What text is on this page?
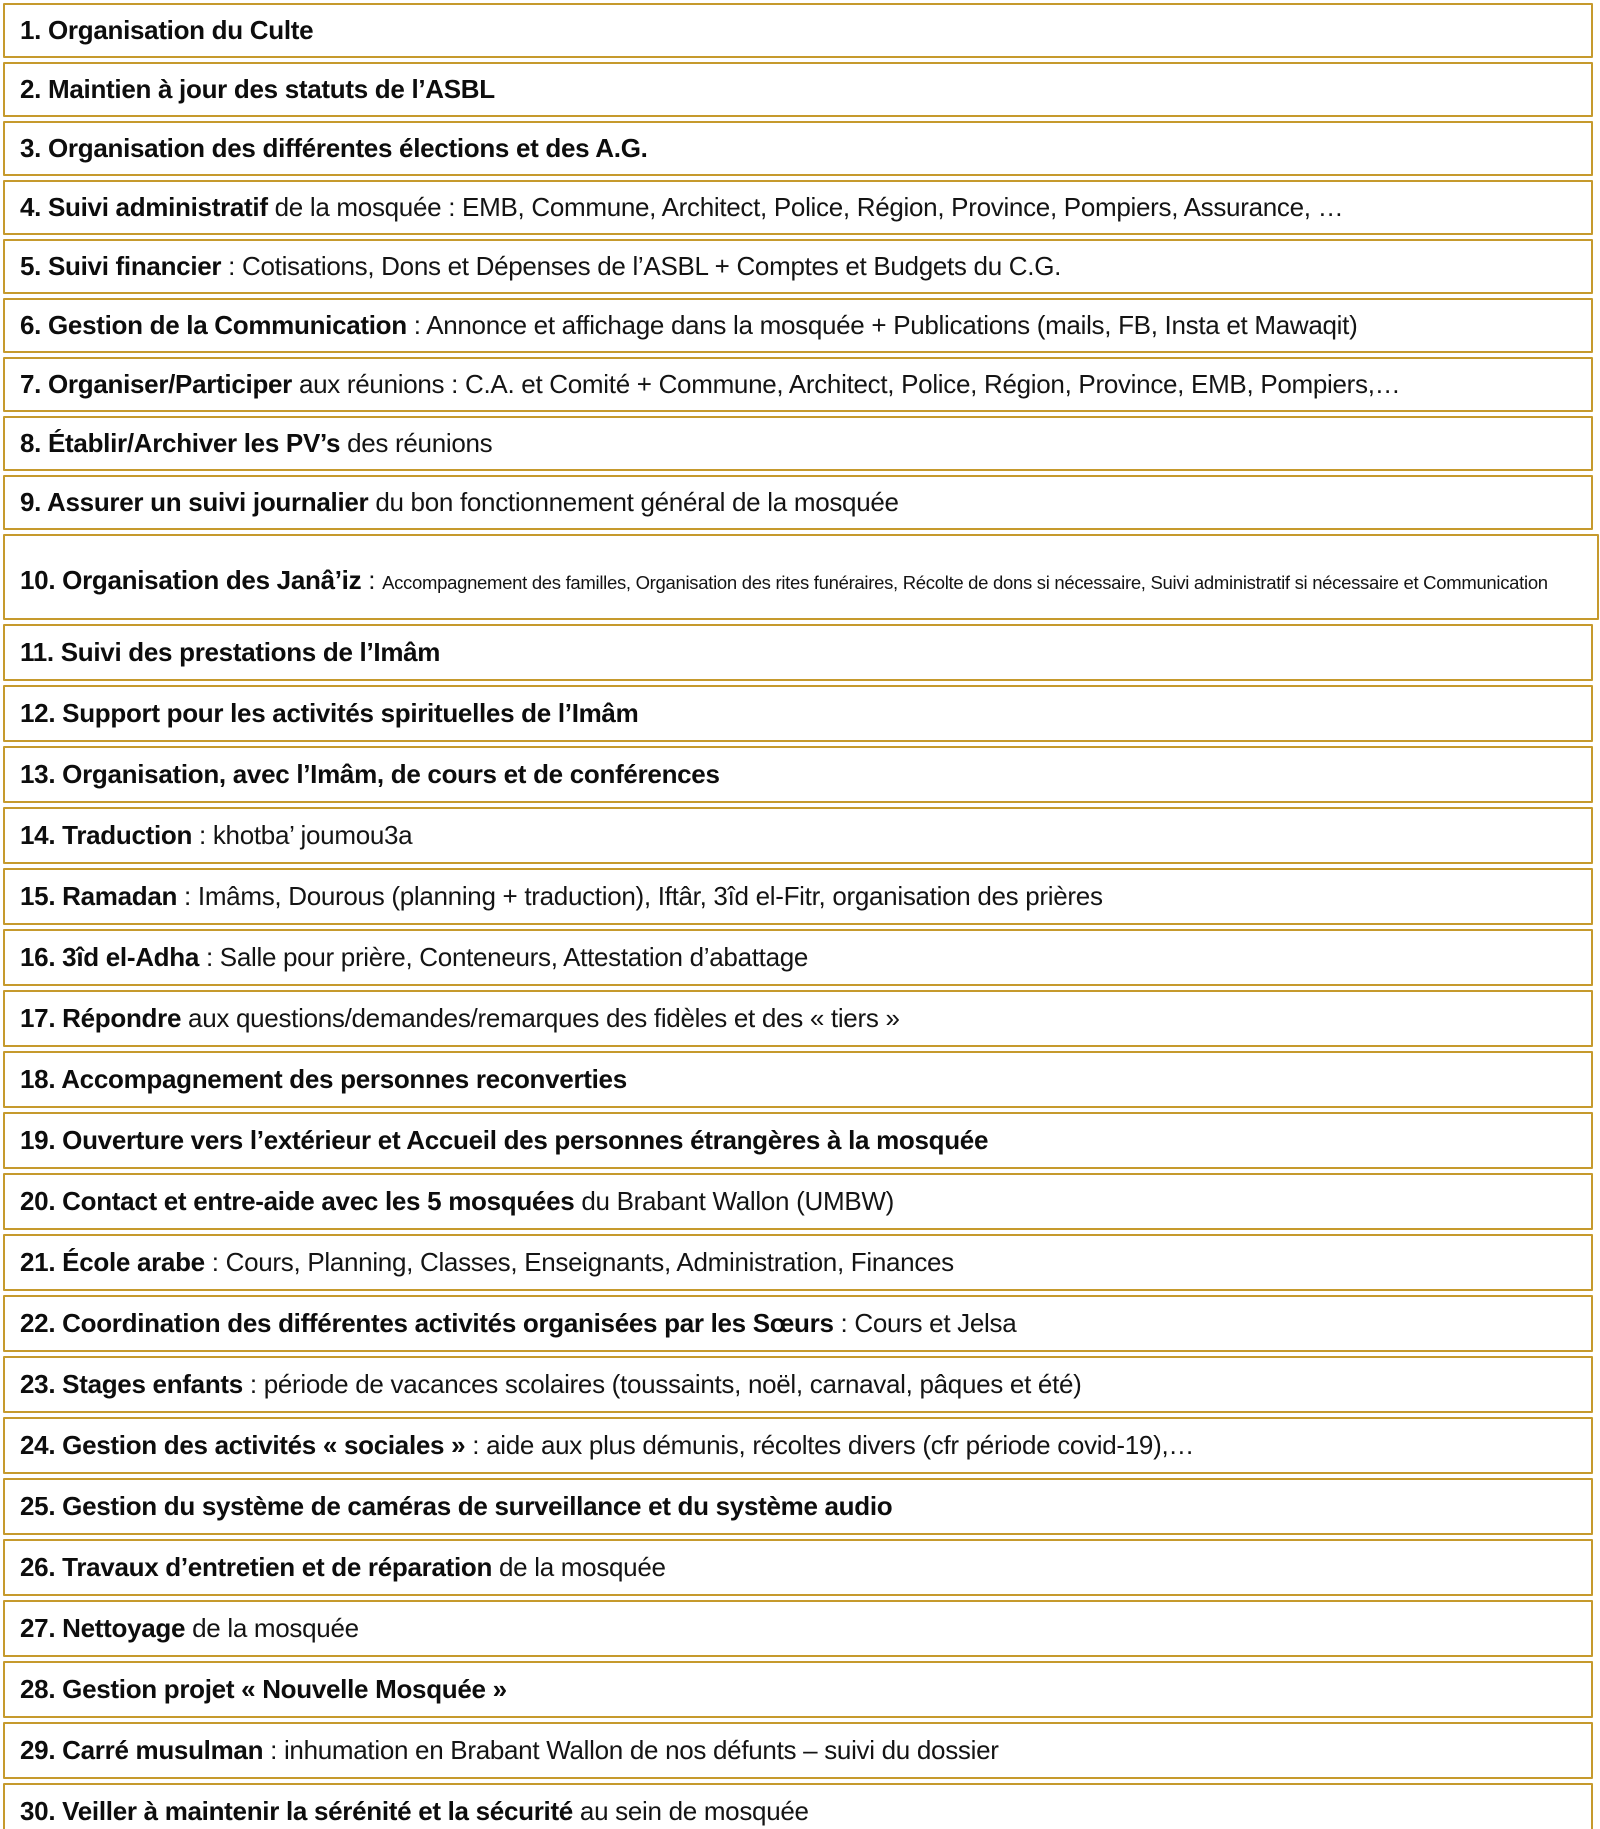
1. Organisation du Culte
2. Maintien à jour des statuts de l’ASBL
3. Organisation des différentes élections et des A.G.
4. Suivi administratif de la mosquée : EMB, Commune, Architect, Police, Région, Province, Pompiers, Assurance, …
5. Suivi financier : Cotisations, Dons et Dépenses de l’ASBL + Comptes et Budgets du C.G.
6. Gestion de la Communication : Annonce et affichage dans la mosquée + Publications (mails, FB, Insta et Mawaqit)
7. Organiser/Participer aux réunions : C.A. et Comité + Commune, Architect, Police, Région, Province, EMB, Pompiers,…
8. Établir/Archiver les PV’s des réunions
9. Assurer un suivi journalier du bon fonctionnement général de la mosquée
10. Organisation des Janâ’iz : Accompagnement des familles, Organisation des rites funéraires, Récolte de dons si nécessaire, Suivi administratif si nécessaire et Communication
11. Suivi des prestations de l’Imâm
12. Support pour les activités spirituelles de l’Imâm
13. Organisation, avec l’Imâm, de cours et de conférences
14. Traduction : khotba’ joumou3a
15. Ramadan : Imâms, Dourous (planning + traduction), Iftâr, 3îd el-Fitr, organisation des prières
16. 3îd el-Adha : Salle pour prière, Conteneurs, Attestation d’abattage
17. Répondre aux questions/demandes/remarques des fidèles et des « tiers »
18. Accompagnement des personnes reconverties
19. Ouverture vers l’extérieur et Accueil des personnes étrangères à la mosquée
20. Contact et entre-aide avec les 5 mosquées du Brabant Wallon (UMBW)
21. École arabe : Cours, Planning, Classes, Enseignants, Administration, Finances
22. Coordination des différentes activités organisées par les Sœurs : Cours et Jelsa
23. Stages enfants : période de vacances scolaires (toussaints, noël, carnaval, pâques et été)
24. Gestion des activités « sociales » : aide aux plus démunis, récoltes divers (cfr période covid-19),…
25. Gestion du système de caméras de surveillance et du système audio
26. Travaux d’entretien et de réparation de la mosquée
27. Nettoyage de la mosquée
28. Gestion projet « Nouvelle Mosquée »
29. Carré musulman : inhumation en Brabant Wallon de nos défunts – suivi du dossier
30. Veiller à maintenir la sérénité et la sécurité au sein de mosquée
